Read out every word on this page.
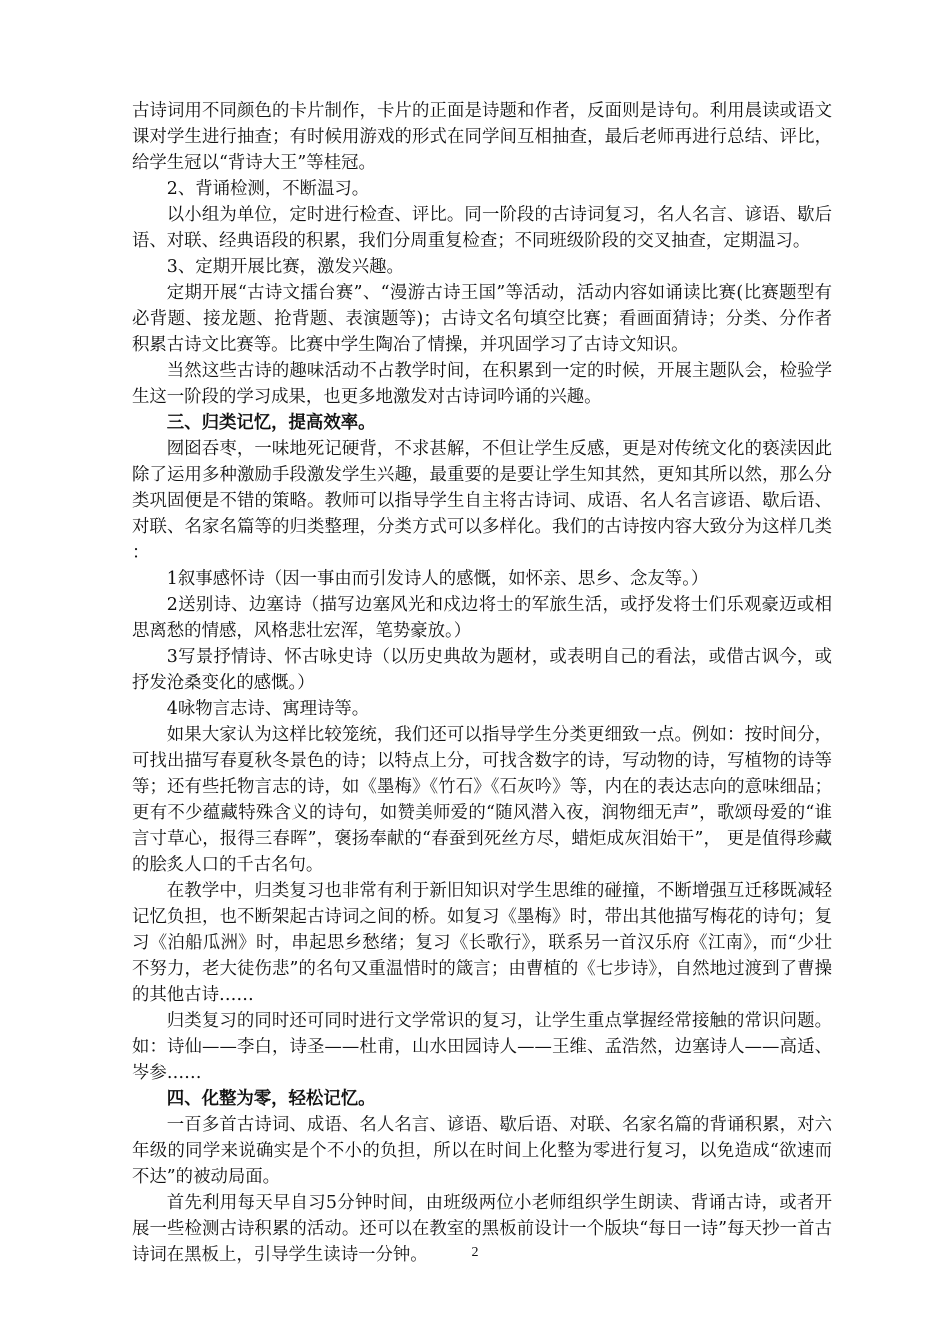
古诗词用不同颜色的卡片制作，卡片的正面是诗题和作者，反面则是诗句。利用晨读或语文课对学生进行抽查；有时候用游戏的形式在同学间互相抽查，最后老师再进行总结、评比，给学生冠以“背诗大王”等桂冠。

2、背诵检测，不断温习。

以小组为单位，定时进行检查、评比。同一阶段的古诗词复习，名人名言、谚语、歇后语、对联、经典语段的积累，我们分周重复检查；不同班级阶段的交叉抽查，定期温习。

3、定期开展比赛，激发兴趣。

定期开展“古诗文擂台赛”、“漫游古诗王国”等活动，活动内容如诵读比赛(比赛题型有必背题、接龙题、抢背题、表演题等)；古诗文名句填空比赛；看画面猜诗；分类、分作者积累古诗文比赛等。比赛中学生陶冶了情操，并巩固学习了古诗文知识。

当然这些古诗的趣味活动不占教学时间，在积累到一定的时候，开展主题队会，检验学生这一阶段的学习成果，也更多地激发对古诗词吟诵的兴趣。

三、归类记忆，提高效率。

囫囵吞枣，一味地死记硬背，不求甚解，不但让学生反感，更是对传统文化的亵渎因此除了运用多种激励手段激发学生兴趣，最重要的是要让学生知其然，更知其所以然，那么分类巩固便是不错的策略。教师可以指导学生自主将古诗词、成语、名人名言谚语、歇后语、对联、名家名篇等的归类整理，分类方式可以多样化。我们的古诗按内容大致分为这样几类：

1叙事感怀诗（因一事由而引发诗人的感慨，如怀亲、思乡、念友等。）

2送别诗、边塞诗（描写边塞风光和戍边将士的军旅生活，或抒发将士们乐观豪迈或相思离愁的情感，风格悲壮宏浑，笔势豪放。）

3写景抒情诗、怀古咏史诗（以历史典故为题材，或表明自己的看法，或借古讽今，或抒发沧桑变化的感慨。）

4咏物言志诗、寓理诗等。

如果大家认为这样比较笼统，我们还可以指导学生分类更细致一点。例如：按时间分，可找出描写春夏秋冬景色的诗；以特点上分，可找含数字的诗，写动物的诗，写植物的诗等等；还有些托物言志的诗，如《墨梅》《竹石》《石灰吟》等，内在的表达志向的意味细品；更有不少蕴藏特殊含义的诗句，如赞美师爱的“随风潜入夜，润物细无声”，歌颂母爱的“谁言寸草心，报得三春晖”，褒扬奉献的“春蚕到死丝方尽，蜡炬成灰泪始干”， 更是值得珍藏的脍炙人口的千古名句。

在教学中，归类复习也非常有利于新旧知识对学生思维的碰撞，不断增强互迁移既减轻记忆负担，也不断架起古诗词之间的桥。如复习《墨梅》时，带出其他描写梅花的诗句；复习《泊船瓜洲》时，串起思乡愁绪；复习《长歌行》，联系另一首汉乐府《江南》，而“少壮不努力，老大徒伤悲”的名句又重温惜时的箴言；由曹植的《七步诗》，自然地过渡到了曹操的其他古诗……

归类复习的同时还可同时进行文学常识的复习，让学生重点掌握经常接触的常识问题。如：诗仙——李白，诗圣——杜甫，山水田园诗人——王维、孟浩然，边塞诗人——高适、岑参……

四、化整为零，轻松记忆。

一百多首古诗词、成语、名人名言、谚语、歇后语、对联、名家名篇的背诵积累，对六年级的同学来说确实是个不小的负担，所以在时间上化整为零进行复习，以免造成“欲速而不达”的被动局面。

首先利用每天早自习5分钟时间，由班级两位小老师组织学生朗读、背诵古诗，或者开展一些检测古诗积累的活动。还可以在教室的黑板前设计一个版块“每日一诗”每天抄一首古诗词在黑板上，引导学生读诗一分钟。	2
